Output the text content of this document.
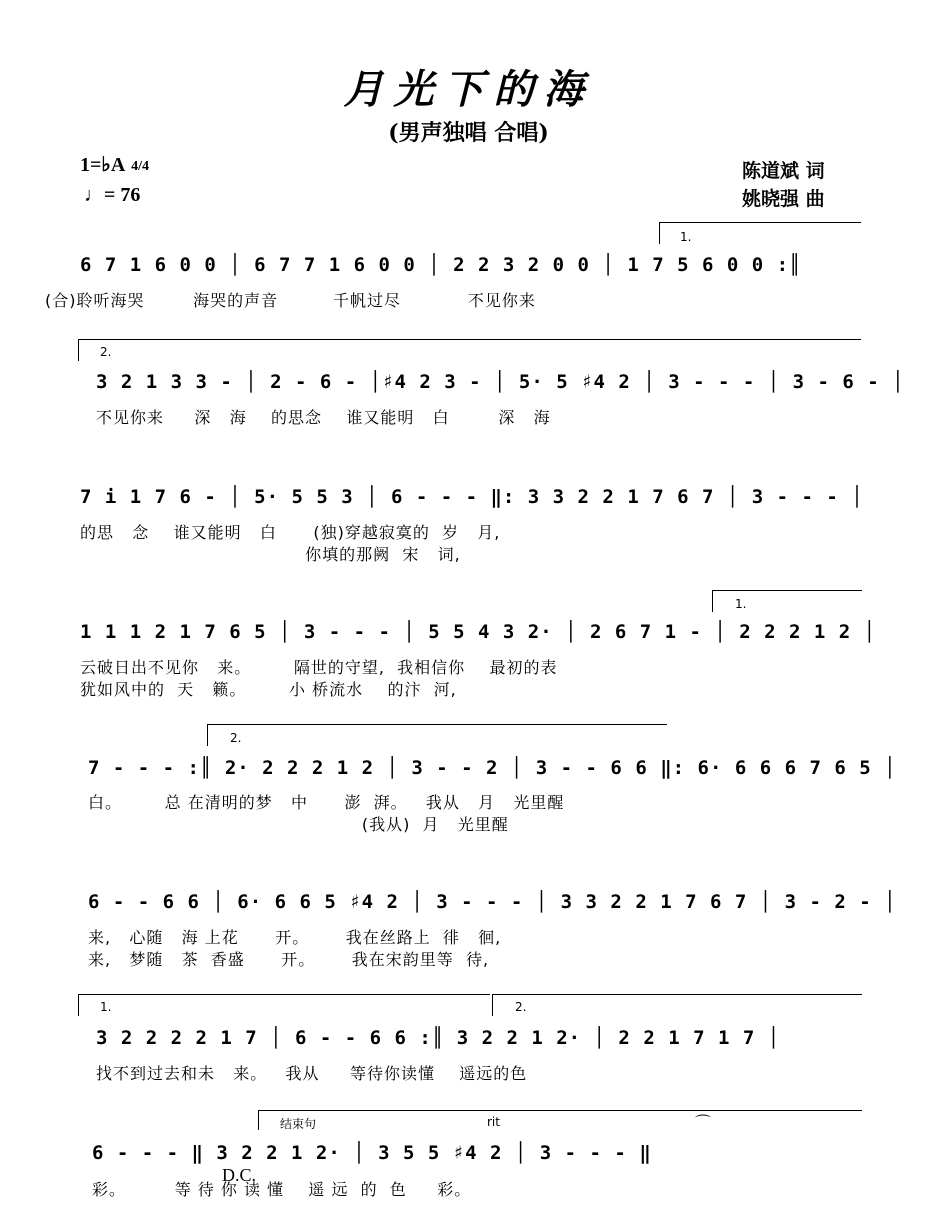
月光下的海
(男声独唱 合唱)
1=♭A 4/4
♩= 76
陈道斌 词
姚晓强 曲
1.
2.
1.
2.
1.	2.
结束句	rit	⌒
6 7 1 6 0 0 │ 6 7 7 1 6 0 0 │ 2 2 3 2 0 0 │ 1 7 5 6 0 0 :║
(合)聆听海哭        海哭的声音         千帆过尽           不见你来
3 2 1 3 3 - │ 2 - 6 - │♯4 2 3 - │ 5· 5 ♯4 2 │ 3 - - - │ 3 - 6 - │
不见你来     深   海    的思念    谁又能明   白        深   海
7 i 1 7 6 - │ 5· 5 5 3 │ 6 - - - ‖: 3 3 2 2 1 7 6 7 │ 3 - - - │
的思   念    谁又能明   白      (独)穿越寂寞的  岁   月,
你填的那阙  宋   词,
1 1 1 2 1 7 6 5 │ 3 - - - │ 5 5 4 3 2· │ 2 6 7 1 - │ 2 2 2 1 2 │
云破日出不见你   来。       隔世的守望,  我相信你    最初的表
犹如风中的  天   籁。       小 桥流水    的汴  河,
7 - - - :║ 2· 2 2 2 1 2 │ 3 - - 2 │ 3 - - 6 6 ‖: 6· 6 6 6 7 6 5 │
白。       总 在清明的梦   中      澎  湃。   我从   月   光里醒
(我从)  月   光里醒
6 - - 6 6 │ 6· 6 6 5 ♯4 2 │ 3 - - - │ 3 3 2 2 1 7 6 7 │ 3 - 2 - │
来,   心随   海 上花      开。      我在丝路上  徘   徊,
来,   梦随   茶  香盛      开。      我在宋韵里等  待,
3 2 2 2 2 1 7 │ 6 - - 6 6 :║ 3 2 2 1 2· │ 2 2 1 7 1 7 │
找不到过去和未   来。   我从     等待你读懂    遥远的色
6 - - - ‖ 3 2 2 1 2· │ 3 5 5 ♯4 2 │ 3 - - - ‖
彩。        等 待 你 读 懂    遥 远  的  色     彩。
D.C.
